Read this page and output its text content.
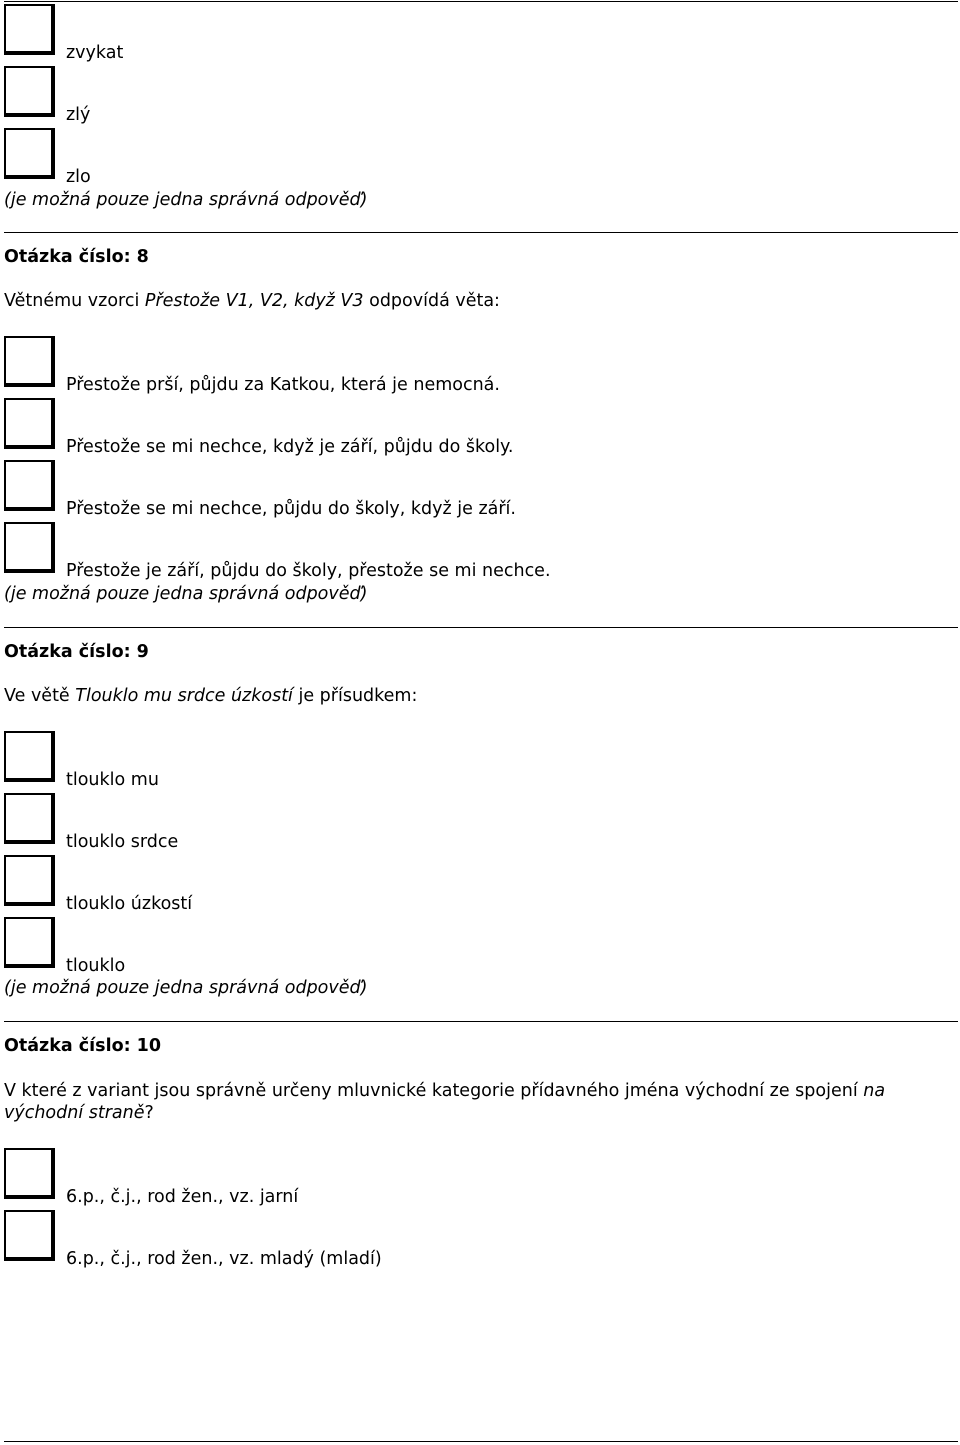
zvykat
zlý
zlo
(je možná pouze jedna správná odpověď)
Otázka číslo: 8
Větnému vzorci Přestože V1, V2, když V3 odpovídá věta:
Přestože prší, půjdu za Katkou, která je nemocná.
Přestože se mi nechce, když je září, půjdu do školy.
Přestože se mi nechce, půjdu do školy, když je září.
Přestože je září, půjdu do školy, přestože se mi nechce.
(je možná pouze jedna správná odpověď)
Otázka číslo: 9
Ve větě Tlouklo mu srdce úzkostí je přísudkem:
tlouklo mu
tlouklo srdce
tlouklo úzkostí
tlouklo
(je možná pouze jedna správná odpověď)
Otázka číslo: 10
V které z variant jsou správně určeny mluvnické kategorie přídavného jména východní ze spojení na východní straně?
6.p., č.j., rod žen., vz. jarní
6.p., č.j., rod žen., vz. mladý (mladí)
